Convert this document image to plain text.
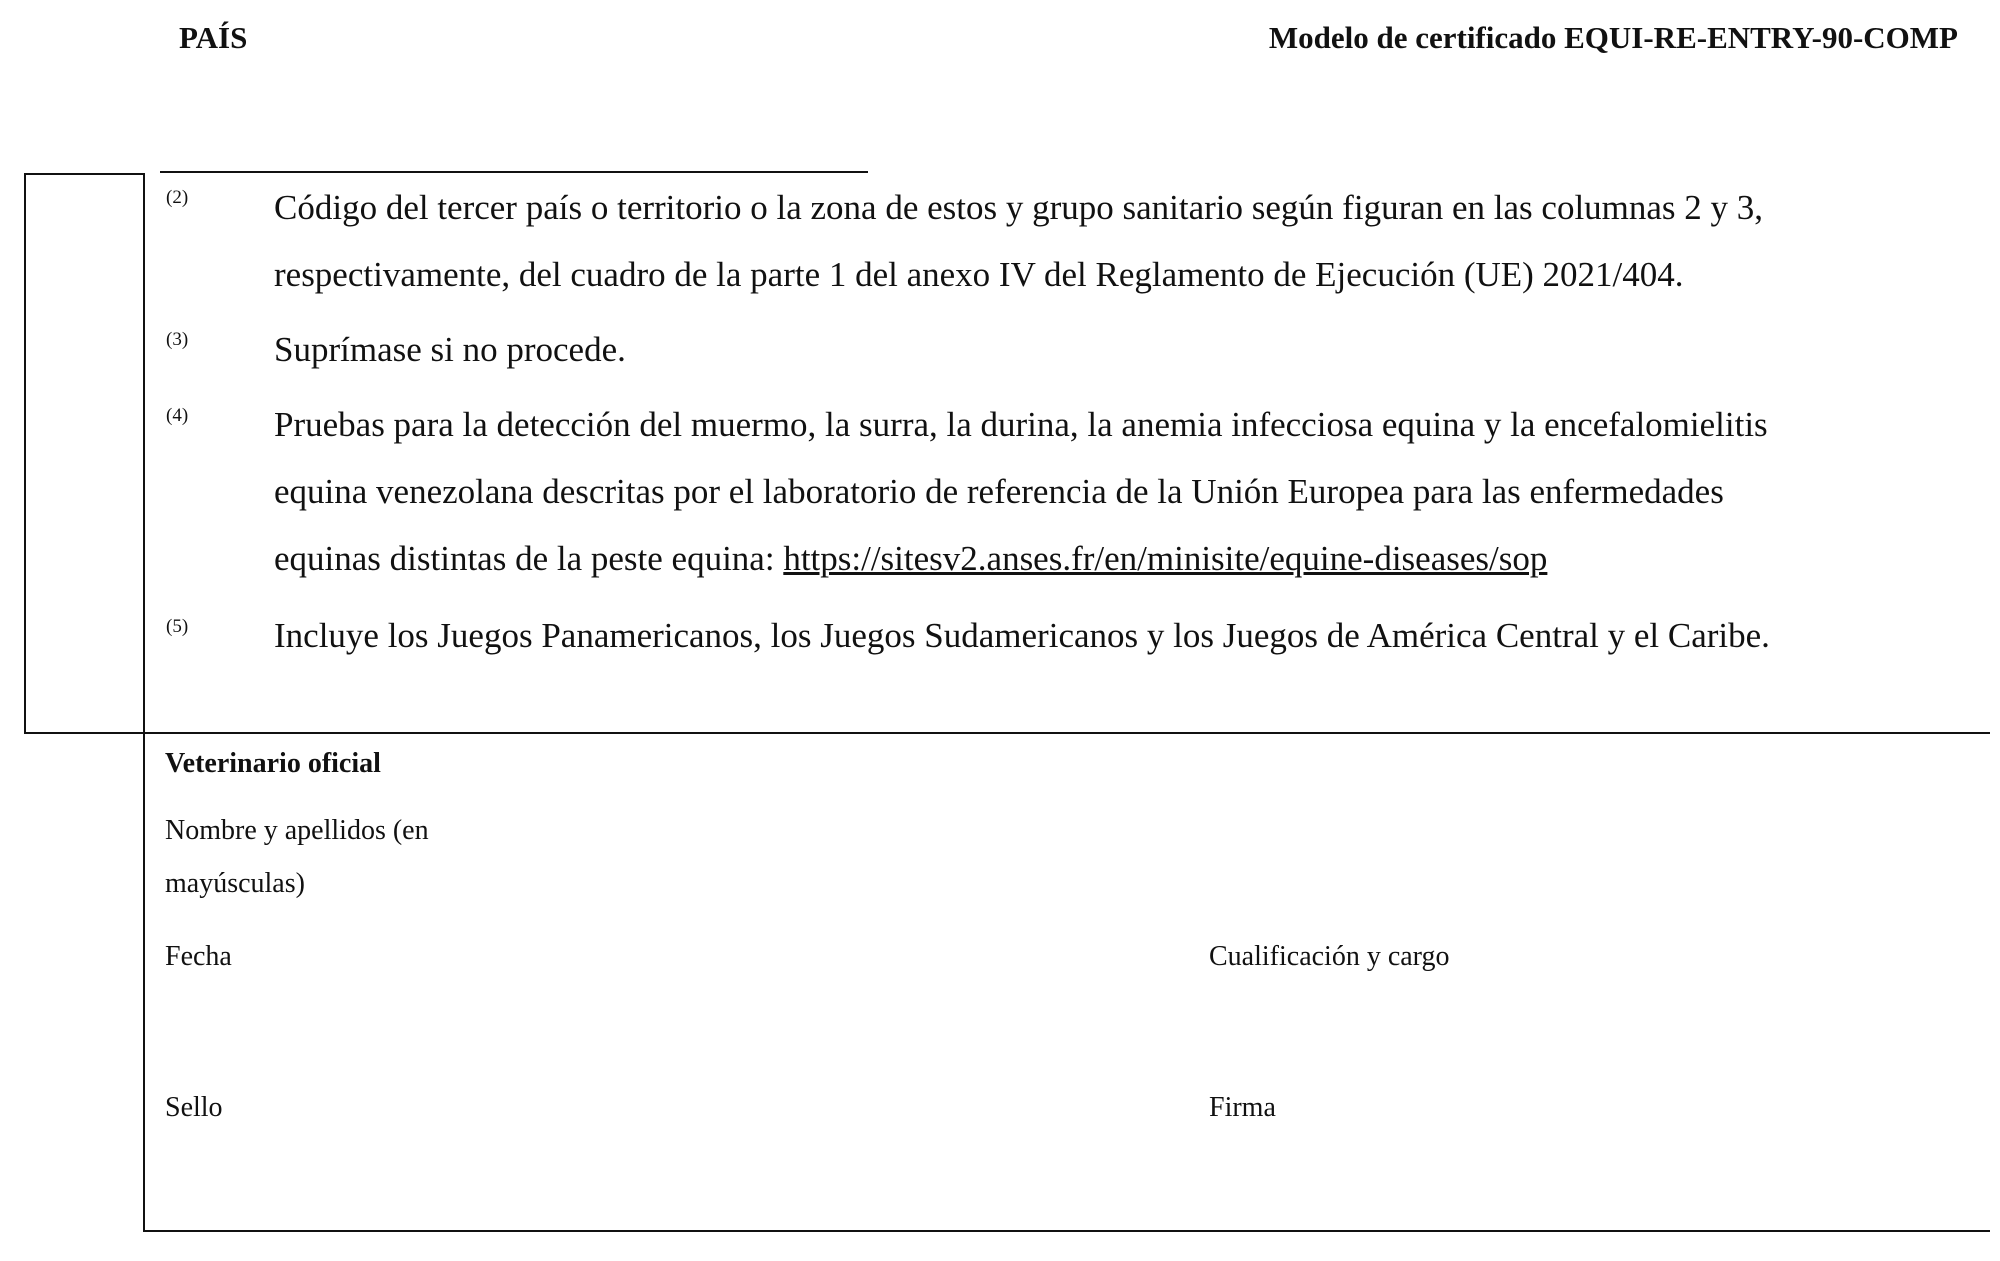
PAÍS	Modelo de certificado EQUI-RE-ENTRY-90-COMP
(2) Código del tercer país o territorio o la zona de estos y grupo sanitario según figuran en las columnas 2 y 3,
respectivamente, del cuadro de la parte 1 del anexo IV del Reglamento de Ejecución (UE) 2021/404.
(3) Suprímase si no procede.
(4) Pruebas para la detección del muermo, la surra, la durina, la anemia infecciosa equina y la encefalomielitis
equina venezolana descritas por el laboratorio de referencia de la Unión Europea para las enfermedades
equinas distintas de la peste equina: https://sitesv2.anses.fr/en/minisite/equine-diseases/sop
(5) Incluye los Juegos Panamericanos, los Juegos Sudamericanos y los Juegos de América Central y el Caribe.
Veterinario oficial
Nombre y apellidos (en
mayúsculas)
Fecha	Cualificación y cargo
Sello	Firma
